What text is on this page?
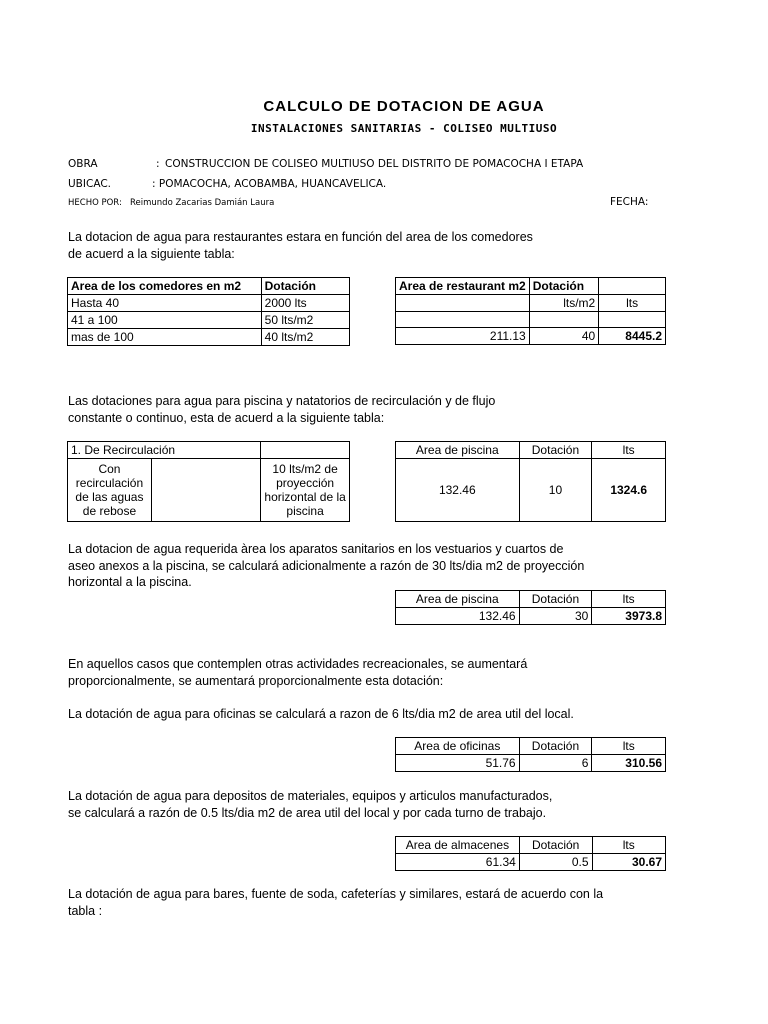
CALCULO DE DOTACION DE AGUA
INSTALACIONES SANITARIAS - COLISEO MULTIUSO
OBRA	: CONSTRUCCION DE COLISEO MULTIUSO DEL DISTRITO DE POMACOCHA I ETAPA
UBICAC.	: POMACOCHA, ACOBAMBA, HUANCAVELICA.
HECHO POR: Reimundo Zacarias Damián Laura	FECHA:
La dotacion de agua para restaurantes estara en función del area de los comedores de acuerd a la siguiente tabla:
Area de los comedores en m2	Dotación
Hasta 40	2000 lts
41 a 100	50 lts/m2
mas de 100	40 lts/m2
Area de restaurant m2	Dotación	
	lts/m2	lts

211.13	40	8445.2
Las dotaciones para agua para piscina y natatorios de recirculación y de flujo constante o continuo, esta de acuerd a la siguiente tabla:
1. De Recirculación		
Con recirculación de las aguas de rebose		10 lts/m2 de proyección horizontal de la piscina
Area de piscina	Dotación	lts
132.46	10	1324.6
La dotacion de agua requerida àrea los aparatos sanitarios en los vestuarios y cuartos de aseo anexos a la piscina, se calculará adicionalmente a razón de 30 lts/dia m2 de proyección horizontal a la piscina.
Area de piscina	Dotación	lts
132.46	30	3973.8
En aquellos casos que contemplen otras actividades recreacionales, se aumentará proporcionalmente, se aumentará proporcionalmente esta dotación:
La dotación de agua para oficinas se calculará a razon de 6 lts/dia m2 de area util del local.
Area de oficinas	Dotación	lts
51.76	6	310.56
La dotación de agua para depositos de materiales, equipos y articulos manufacturados, se calculará a razón de 0.5 lts/dia m2 de area util del local y por cada turno de trabajo.
Area de almacenes	Dotación	lts
61.34	0.5	30.67
La dotación de agua para bares, fuente de soda, cafeterías y similares, estará de acuerdo con la tabla :
